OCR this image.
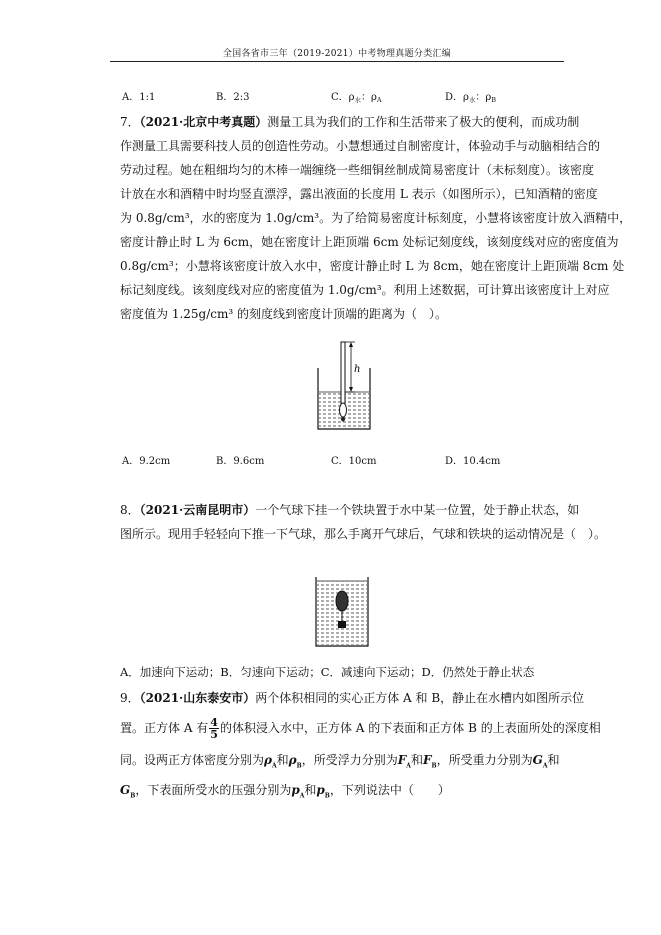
全国各省市三年（2019-2021）中考物理真题分类汇编
A．1:1	B．2:3	C．$\rho_水$：$\rho_A$	D．$\rho_水$：$\rho_B$
7．（2021·北京中考真题）测量工具为我们的工作和生活带来了极大的便利，而成功制
作测量工具需要科技人员的创造性劳动。小慧想通过自制密度计，体验动手与动脑相结合的
劳动过程。她在粗细均匀的木棒一端缠绕一些细铜丝制成简易密度计（未标刻度）。该密度
计放在水和酒精中时均竖直漂浮，露出液面的长度用 L 表示（如图所示），已知酒精的密度
为 0.8g/cm³，水的密度为 1.0g/cm³。为了给简易密度计标刻度，小慧将该密度计放入酒精中，
密度计静止时 L 为 6cm，她在密度计上距顶端 6cm 处标记刻度线，该刻度线对应的密度值为
0.8g/cm³；小慧将该密度计放入水中，密度计静止时 L 为 8cm，她在密度计上距顶端 8cm 处
标记刻度线。该刻度线对应的密度值为 1.0g/cm³。利用上述数据，可计算出该密度计上对应
密度值为 1.25g/cm³ 的刻度线到密度计顶端的距离为（　）。
h
A．9.2cm	B．9.6cm	C．10cm	D．10.4cm
8．（2021·云南昆明市）一个气球下挂一个铁块置于水中某一位置，处于静止状态，如
图所示。现用手轻轻向下推一下气球，那么手离开气球后，气球和铁块的运动情况是（　）。
A．加速向下运动；B．匀速向下运动；C．减速向下运动；D．仍然处于静止状态
9．（2021·山东泰安市）两个体积相同的实心正方体 A 和 B，静止在水槽内如图所示位
置。正方体 A 有 $\frac{4}{5}$ 的体积浸入水中，正方体 A 的下表面和正方体 B 的上表面所处的深度相
同。设两正方体密度分别为$\rho_A$和$\rho_B$，所受浮力分别为$F_A$和$F_B$，所受重力分别为$G_A$和
$G_B$，下表面所受水的压强分别为$p_A$和$p_B$，下列说法中（　　）
